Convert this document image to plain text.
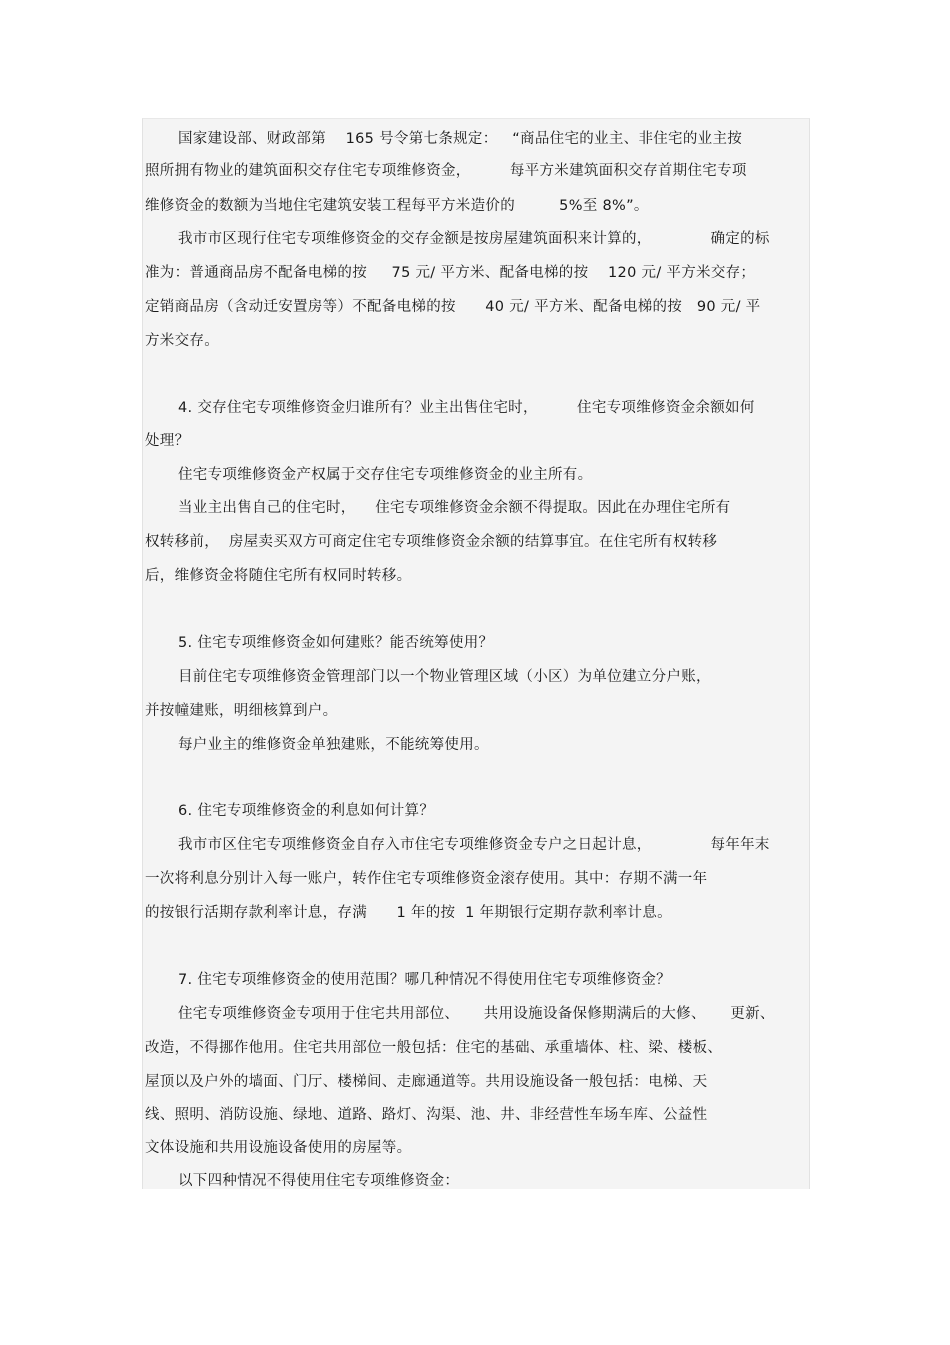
国家建设部、财政部第    165 号令第七条规定：   “商品住宅的业主、非住宅的业主按
照所拥有物业的建筑面积交存住宅专项维修资金，        每平方米建筑面积交存首期住宅专项
维修资金的数额为当地住宅建筑安装工程每平方米造价的         5%至 8%”。
我市市区现行住宅专项维修资金的交存金额是按房屋建筑面积来计算的，            确定的标
准为：普通商品房不配备电梯的按     75 元/ 平方米、配备电梯的按    120 元/ 平方米交存；
定销商品房（含动迁安置房等）不配备电梯的按      40 元/ 平方米、配备电梯的按   90 元/ 平
方米交存。
4. 交存住宅专项维修资金归谁所有？业主出售住宅时，        住宅专项维修资金余额如何
处理？
住宅专项维修资金产权属于交存住宅专项维修资金的业主所有。
当业主出售自己的住宅时，    住宅专项维修资金余额不得提取。因此在办理住宅所有
权转移前，  房屋卖买双方可商定住宅专项维修资金余额的结算事宜。在住宅所有权转移
后，维修资金将随住宅所有权同时转移。
5. 住宅专项维修资金如何建账？能否统筹使用？
目前住宅专项维修资金管理部门以一个物业管理区域（小区）为单位建立分户账，
并按幢建账，明细核算到户。
每户业主的维修资金单独建账，不能统筹使用。
6. 住宅专项维修资金的利息如何计算？
我市市区住宅专项维修资金自存入市住宅专项维修资金专户之日起计息，            每年年末
一次将利息分别计入每一账户，转作住宅专项维修资金滚存使用。其中：存期不满一年
的按银行活期存款利率计息，存满      1 年的按  1 年期银行定期存款利率计息。
7. 住宅专项维修资金的使用范围？哪几种情况不得使用住宅专项维修资金？
住宅专项维修资金专项用于住宅共用部位、     共用设施设备保修期满后的大修、     更新、
改造，不得挪作他用。住宅共用部位一般包括：住宅的基础、承重墙体、柱、梁、楼板、
屋顶以及户外的墙面、门厅、楼梯间、走廊通道等。共用设施设备一般包括：电梯、天
线、照明、消防设施、绿地、道路、路灯、沟渠、池、井、非经营性车场车库、公益性
文体设施和共用设施设备使用的房屋等。
以下四种情况不得使用住宅专项维修资金：
